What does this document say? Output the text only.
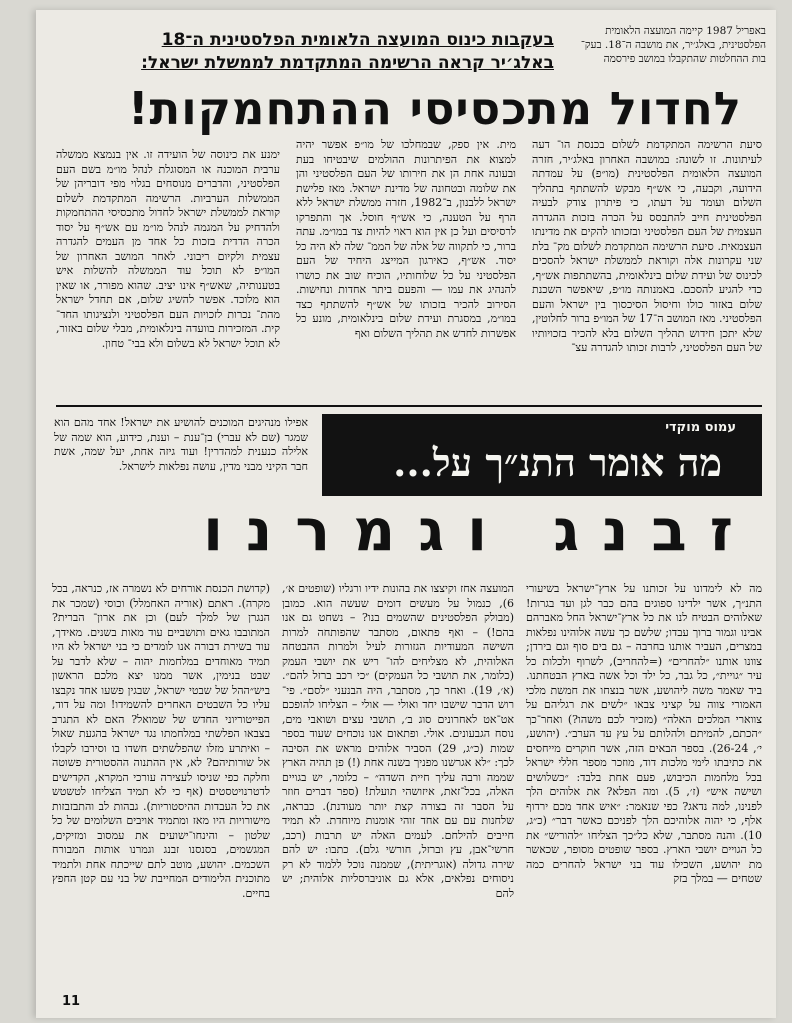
באפריל 1987 קיימה המועצה הלאומית הפלסטינית, באלג׳יר, את מושבה ה־18. בעק־ בות ההחלטות שהתקבלו במושב פירסמה
בעקבות כינוס המועצה הלאומית הפלסטינית ה־18
באלג׳יר קראה הרשימה המתקדמת לממשלת ישראל:
לחדול מתכסיסי ההתחמקות!
סיעת הרשימה המתקדמת לשלום בכנסת הו־ דעה לעיתונות. זו לשונה: במושבה האחרון באלג׳יר, חזרה המועצה הלאומית הפלסטינית (מו״פ) על עמדתה הידועה, וקבעה, כי אש״ף מבקש להשתתף בתהליך השלום ועומד על דעתו, כי פיתרון צודק לבעיה הפלסטינית חייב להתבסס על הכרה בזכות ההגדרה העצמית של העם הפלסטיני ובזכותו להקים את מדינתו העצמאית. סיעת הרשימה המתקדמת לשלום מק־ בלת שני עקרונות אלה וקוראת לממשלת ישראל להסכים לכינוס של ועידת שלום בינלאומית, בהשתתפות אש״ף, כדי להגיע להסכם. באמנותה מו״פ, שיאפשר השכנת שלום באזור כולו וחיסול הסיכסוך בין ישראל והעם הפלסטיני. מאז המושב ה־17 של המו״פ ברור לחלוטין, שלא יתכן חידוש תהליך השלום בלא להכיר בזכויותיו של העם הפלסטיני, לרבות זכותו להגדרה עצ־
מית. אין ספק, שבמחלכו של מו״פ אפשר יהיה למצוא את הפיתרונות ההולמים שיבטיחו בעת ובעונה אחת הן את חירותו של העם הפלסטיני והן את שלומה ובטחונה של מדינת ישראל. מאז פלישת ישראל ללבנון, ב־1982, חזרה ממשלת ישראל ללא הרף על הטענה, כי אש״ף חוסל. אך והתפרקו לרסיסים ועל כן אין הוא ראוי להיות צד במו״מ. עתה ברור, כי לתקווה של אלה של הממ־ שלה לא היה כל יסוד. אש״ף, כאירגון המייצג היחיד של העם הפלסטיני על כל שלוחותיו, הוכיח שוב את כושרו להנהיג את עמו — והפעם ביתר אחדות ונחישות. הסירוב להכיר בזכותו של אש״ף להשתתף כצד במו״מ, במסגרת ועידת שלום בינלאומית, מונע כל אפשרות לחדש את תהליך השלום ואף
ימנע את כינוסה של הועידה זו. אין בנמצא ממשלה ערבית המוכנה או המסוגלת לנהל מו״מ בשם העם הפלסטיני, והדברים מנוסחים בגלוי מפי דובריהן של הממשלות הערביות. הרשימה המתקדמת לשלום קוראת לממשלת ישראל לחדול מתכסיסי ההתחמקות ולהדחיק על המגמה לנהל מו״מ עם אש״ף על יסוד הכרה הדדית בזכות כל אחד מן העמים להגדרה עצמית ולקיום ריבוני. לאחר המושב האחרון של המו״פ לא תוכל עוד הממשלה להשלות איש בטענותיה, שאש״ף אינו יציב. שהוא מפורר, או שאין הוא מלוכד. אפשר להשיג שלום, אם תחדל ישראל מהת־ נכרות לזכויות העם הפלסטיני ולנציגותו החד־ קית. המזכירות בוועדה בינלאומית, מבלי שלום באזור, לא תוכל ישראל לא בשלום ולא בבי־ טחון.
עמוס מוקדי
מה אומר התנ״ך על...
אפילו מנהיגים המוכנים להושיע את ישראל! אחד מהם הוא שמגר (שם לא עברי) בן־ענת – וענת, כידוע, הוא שמה של אלילה כנענית למהדרין! ועוד גיזה אחת, יעל שמה, אשת חבר הקיני מבני מדין, עושה נפלאות לישראל.
זבנג וגמרנו
מה לא לימדונו על זכותנו על ארץ־ישראל בשיעורי התנ״ך, אשר ילדינו ספוגים בהם כבר לגן ועד בגרות! שאלוהים הבטיח לנו את כל ארץ־ישראל החל מאברהם אבינו וגמור ברוך עבדו; שלשם כך עשה אלוהינו נפלאות במצרים, העביר אותנו בחרבה – גם בים סוף וגם בירדן; צוונו אותנו ״להחרים״ (=להחריב), לשרוף ולכלות כל עיר ״גויית״, כל גבר, כל ילד וכל אשה בארץ הבטחתנו. ביד שאמר משה ליהושע, אשר בנצחו את חמשת מלכי האמורי צווה על קציני צבאו ״לשים את רגליהם על צווארי המלכים האלה״ (מזכיר לכם משהו?) ואחר־כך ״הכתם, להמיתם ולהלותם על עץ עד הערב״. (יהושע, י׳, 26-24). בספר הבאים הזה, אשר חוקרים מייחסים את כתיבתו לימי מלכות דוד, מוזכר מספר חללי ישראל בכל מלחמות הכיבוש, פעם אחת בלבד: ״כשלושים ושישה איש״ (ז׳, 5). ומה הפלא? את אלוהים הלך לפנינו, למה נדאג? כפי שנאמר: ״איש אחד מכם ירדוף אלף, כי יהוה אלוהיכם הלך לפניכם כאשר דבר״ (כ״ג, 10). והנה מסתבר, שלא כל״כך הצליחו ״להוריש״ את כל הגויים יושבי הארץ. בספר שופטים מסופר, שכאשר מת יהושע, השכילו עוד בני ישראל להחרים כמה שטחים — במלך בזק
המועצה אחז וקיצצו את בהונות ידיו ורגליו (שופטים א׳, 6), כנמול על מעשים דומים שעשה הוא. כמובן (מבולק הפלסטינים שהשמים בנו? – נשחט גם אנו בהם!) – ואף פתאום, מסתבר שהפותחה למרות השישה המעודיות הגזורות לעיל ולמרות ההבטחה האלוהית, לא מצליחים להו־ ריש את יושבי העמק (כלומר, את תושבי כל העמקים) ״כי רכב ברזל להם״. (א׳, 19). ואחר כך, מסתבר, היה הבנעני ״לסם״. פי־ רוש הדבר שישבו יחד ואולי — אולי – הצליחו להופכם אט־אט לאחרונים סוג ב׳, תושבי עצים ושואבי מים, נוסח הגבעונים. אולי. ופתאום אנו נוכחים שעוד בספר שמות (כ״ג, 29) הסביר אלוהים מראש את הסיבה לכך: ״לא אגרשנו מפניך בשנה אחת (!) פן תהיה הארץ שממה ורבה עליך חיית השדה״ – כלומר, יש בגויים האלה, בכל־זאת, איזושהי תועלת! (ספר דברים חוזר על הסבר זה בצורה קצת יותר מעודנת). כבראה, שלחנות עם עם אחד זוהי אומנות מיוחדת. לא תמיד חייבים להילחם. לעמים האלה יש תרבות (רכב, חרשי־אבן, עץ וברזל, חורשי גלם). כתבו: יש להם שירה גדולה (אוגריתית), שממנה נוכל ללמוד לא רק ניסוחים נפלאים, אלא גם אוניברסליות אלוהית; יש להם
(קדושת הכנסת אורחים לא נשמרה אז, כנראה, בכל מקרה). ראתם (אוריה האחמלל) וכוסי (שמכר את הנגרן של למלך לעם) וכן את ארון־ הברית? המתובבו גאים ותושביים עוד מאות בשנים. מאידך, עוד בשירת דבורה אנו לומדים כי בני ישראל לא היו תמיד מאוחדים במלחמות יהוה – שלא לדבר על שבט בנימין, אשר ממנו יצא מלכם הראשון ביש״ההל של שבטי ישראל, שבגין פשעו אחד נקבצו עליו כל השבטים האחרים להשמידו! ומה על דוד, הפייטוריוני החדש של שמואל? האם לא התגרב בצבאו הפלשתי במלחמתו נגד ישראל בהגעת שאול – ואיתרע מזלו שהפלשתים חשדו בו וסירבו לקבלו אל שורותיהם? לא, אין ההתנוה ההסטורית פשוטה וחלקה כפי שניסו לעצירה עורכי המקרא, הקדישים לדטרנויטסטים (אף כי לא תמיד הצליחו לטשטש את כל העבדות ההיסטוריות). גבהות לב והתבזבזות מישורויות היו מאז ומתמיד אויבים השלומים של כל שלטון – והינחו־ישועים את עמסוב ומזיקים, המגשמים, בסנסנו זבנג וגמרנו אותות המבורח השכמים. יהושע, מוטב לתם שייכתח אחת ולתמיד מתוכנית הלימודים המחייבת של בני עם קטן החפץ בחיים.
11
